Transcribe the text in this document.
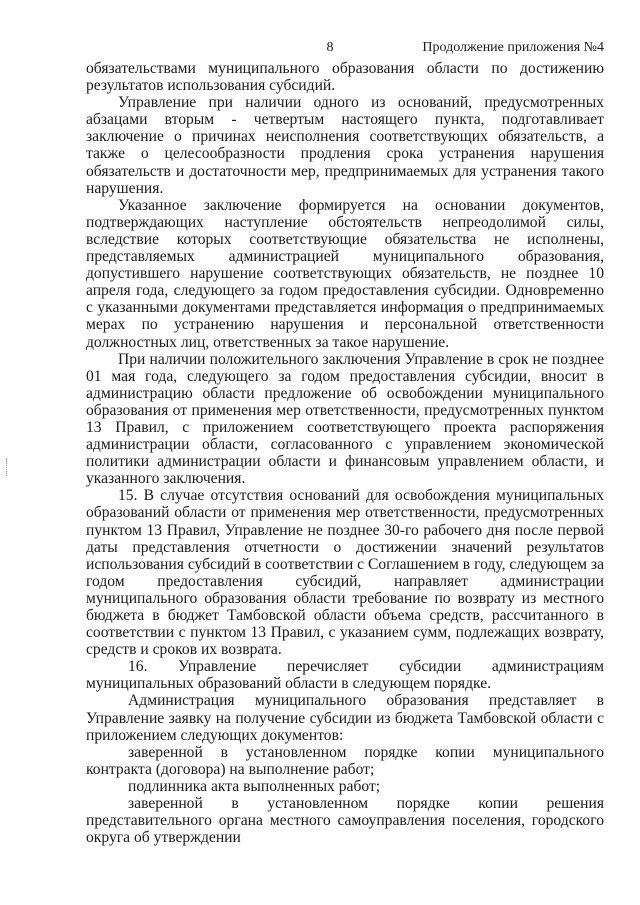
8	Продолжение приложения №4

обязательствами муниципального образования области по достижению результатов использования субсидий.

Управление при наличии одного из оснований, предусмотренных абзацами вторым - четвертым настоящего пункта, подготавливает заключение о причинах неисполнения соответствующих обязательств, а также о целесообразности продления срока устранения нарушения обязательств и достаточности мер, предпринимаемых для устранения такого нарушения.

Указанное заключение формируется на основании документов, подтверждающих наступление обстоятельств непреодолимой силы, вследствие которых соответствующие обязательства не исполнены, представляемых администрацией муниципального образования, допустившего нарушение соответствующих обязательств, не позднее 10 апреля года, следующего за годом предоставления субсидии. Одновременно с указанными документами представляется информация о предпринимаемых мерах по устранению нарушения и персональной ответственности должностных лиц, ответственных за такое нарушение.

При наличии положительного заключения Управление в срок не позднее 01 мая года, следующего за годом предоставления субсидии, вносит в администрацию области предложение об освобождении муниципального образования от применения мер ответственности, предусмотренных пунктом 13 Правил, с приложением соответствующего проекта распоряжения администрации области, согласованного с управлением экономической политики администрации области и финансовым управлением области, и указанного заключения.

15. В случае отсутствия оснований для освобождения муниципальных образований области от применения мер ответственности, предусмотренных пунктом 13 Правил, Управление не позднее 30-го рабочего дня после первой даты представления отчетности о достижении значений результатов использования субсидий в соответствии с Соглашением в году, следующем за годом предоставления субсидий, направляет администрации муниципального образования области требование по возврату из местного бюджета в бюджет Тамбовской области объема средств, рассчитанного в соответствии с пунктом 13 Правил, с указанием сумм, подлежащих возврату, средств и сроков их возврата.

16. Управление перечисляет субсидии администрациям муниципальных образований области в следующем порядке.

Администрация муниципального образования представляет в Управление заявку на получение субсидии из бюджета Тамбовской области с приложением следующих документов:

заверенной в установленном порядке копии муниципального контракта (договора) на выполнение работ;

подлинника акта выполненных работ;

заверенной в установленном порядке копии решения представительного органа местного самоуправления поселения, городского округа об утверждении
